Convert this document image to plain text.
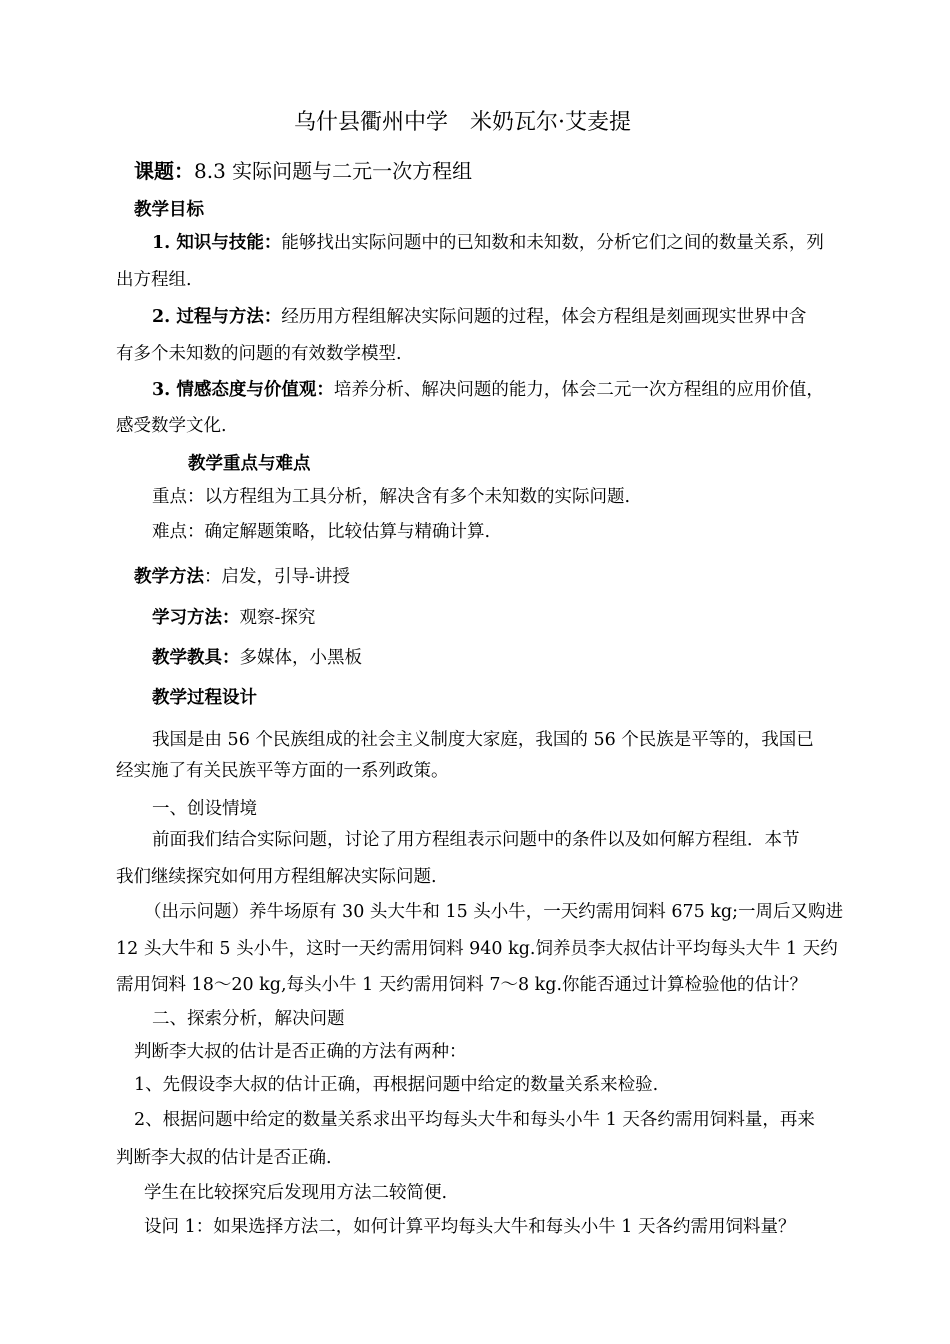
乌什县衢州中学　米奶瓦尔·艾麦提
课题：8.3 实际问题与二元一次方程组
教学目标
1. 知识与技能：能够找出实际问题中的已知数和未知数，分析它们之间的数量关系，列
出方程组.
2. 过程与方法：经历用方程组解决实际问题的过程，体会方程组是刻画现实世界中含
有多个未知数的问题的有效数学模型.
3. 情感态度与价值观：培养分析、解决问题的能力，体会二元一次方程组的应用价值，
感受数学文化.
教学重点与难点
重点：以方程组为工具分析，解决含有多个未知数的实际问题.
难点：确定解题策略，比较估算与精确计算.
教学方法：启发，引导-讲授
学习方法：观察-探究
教学教具：多媒体，小黑板
教学过程设计
我国是由 56 个民族组成的社会主义制度大家庭，我国的 56 个民族是平等的，我国已
经实施了有关民族平等方面的一系列政策。
一、创设情境
前面我们结合实际问题，讨论了用方程组表示问题中的条件以及如何解方程组．本节
我们继续探究如何用方程组解决实际问题.
（出示问题）养牛场原有 30 头大牛和 15 头小牛，一天约需用饲料 675 kg;一周后又购进
12 头大牛和 5 头小牛，这时一天约需用饲料 940 kg.饲养员李大叔估计平均每头大牛 1 天约
需用饲料 18～20 kg,每头小牛 1 天约需用饲料 7～8 kg.你能否通过计算检验他的估计？
二、探索分析，解决问题
判断李大叔的估计是否正确的方法有两种：
1、先假设李大叔的估计正确，再根据问题中给定的数量关系来检验.
2、根据问题中给定的数量关系求出平均每头大牛和每头小牛 1 天各约需用饲料量，再来
判断李大叔的估计是否正确.
学生在比较探究后发现用方法二较简便.
设问 1：如果选择方法二，如何计算平均每头大牛和每头小牛 1 天各约需用饲料量？
